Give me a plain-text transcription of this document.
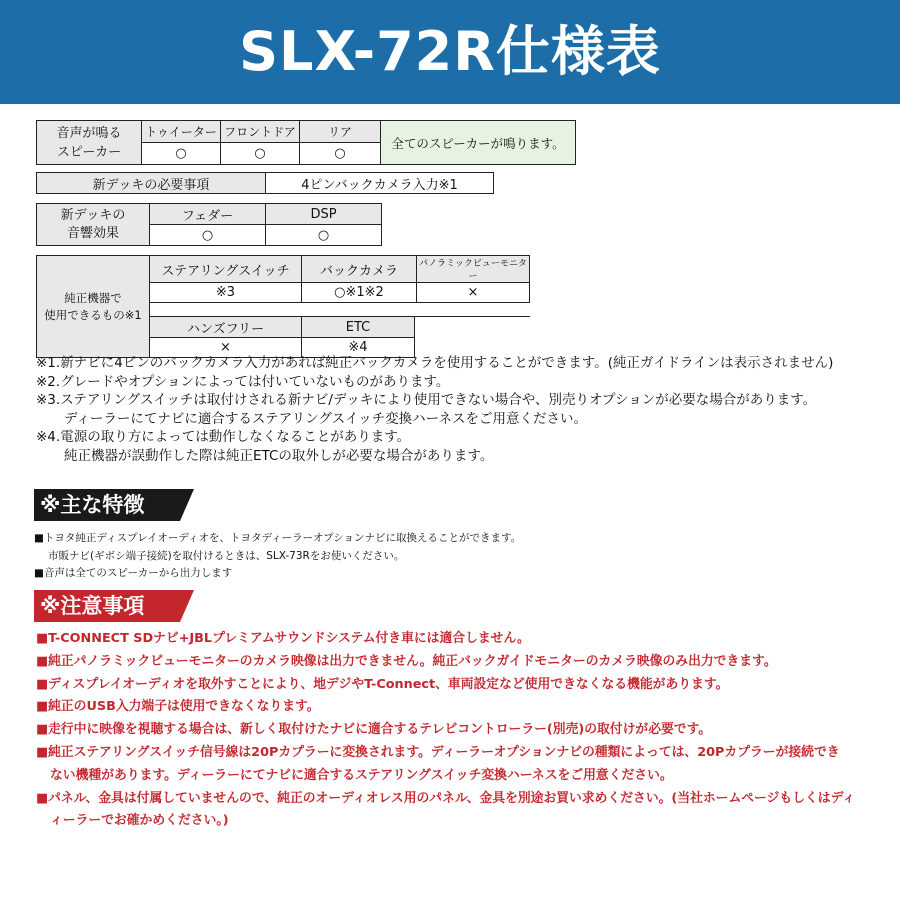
SLX-72R仕様表
音声が鳴る
スピーカー	トゥイーター	フロントドア	リア	全てのスピーカーが鳴ります。
	○	○	○	
新デッキの必要事項	4ピンバックカメラ入力※1
新デッキの
音響効果	フェダー	DSP
	○	○
純正機器で
使用できるもの※1	ステアリングスイッチ	バックカメラ		パノラミックビューモニター
	※3	○※1※2		×

	ハンズフリー	ETC		
	×	※4		
※1.新ナビに4ピンのバックカメラ入力があれば純正バックカメラを使用することができます。(純正ガイドラインは表示されません)
※2.グレードやオプションによっては付いていないものがあります。
※3.ステアリングスイッチは取付けされる新ナビ/デッキにより使用できない場合や、別売りオプションが必要な場合があります。
ディーラーにてナビに適合するステアリングスイッチ変換ハーネスをご用意ください。
※4.電源の取り方によっては動作しなくなることがあります。
純正機器が誤動作した際は純正ETCの取外しが必要な場合があります。
※主な特徴
■トヨタ純正ディスプレイオーディオを、トヨタディーラーオプションナビに取換えることができます。
市販ナビ(ギボシ端子接続)を取付けるときは、SLX-73Rをお使いください。
■音声は全てのスピーカーから出力します
※注意事項
■T-CONNECT SDナビ+JBLプレミアムサウンドシステム付き車には適合しません。
■純正パノラミックビューモニターのカメラ映像は出力できません。純正バックガイドモニターのカメラ映像のみ出力できます。
■ディスプレイオーディオを取外すことにより、地デジやT-Connect、車両設定など使用できなくなる機能があります。
■純正のUSB入力端子は使用できなくなります。
■走行中に映像を視聴する場合は、新しく取付けたナビに適合するテレビコントローラー(別売)の取付けが必要です。
■純正ステアリングスイッチ信号線は20Pカプラーに変換されます。ディーラーオプションナビの種類によっては、20Pカプラーが接続でき
ない機種があります。ディーラーにてナビに適合するステアリングスイッチ変換ハーネスをご用意ください。
■パネル、金具は付属していませんので、純正のオーディオレス用のパネル、金具を別途お買い求めください。(当社ホームページもしくはディ
ィーラーでお確かめください。)
